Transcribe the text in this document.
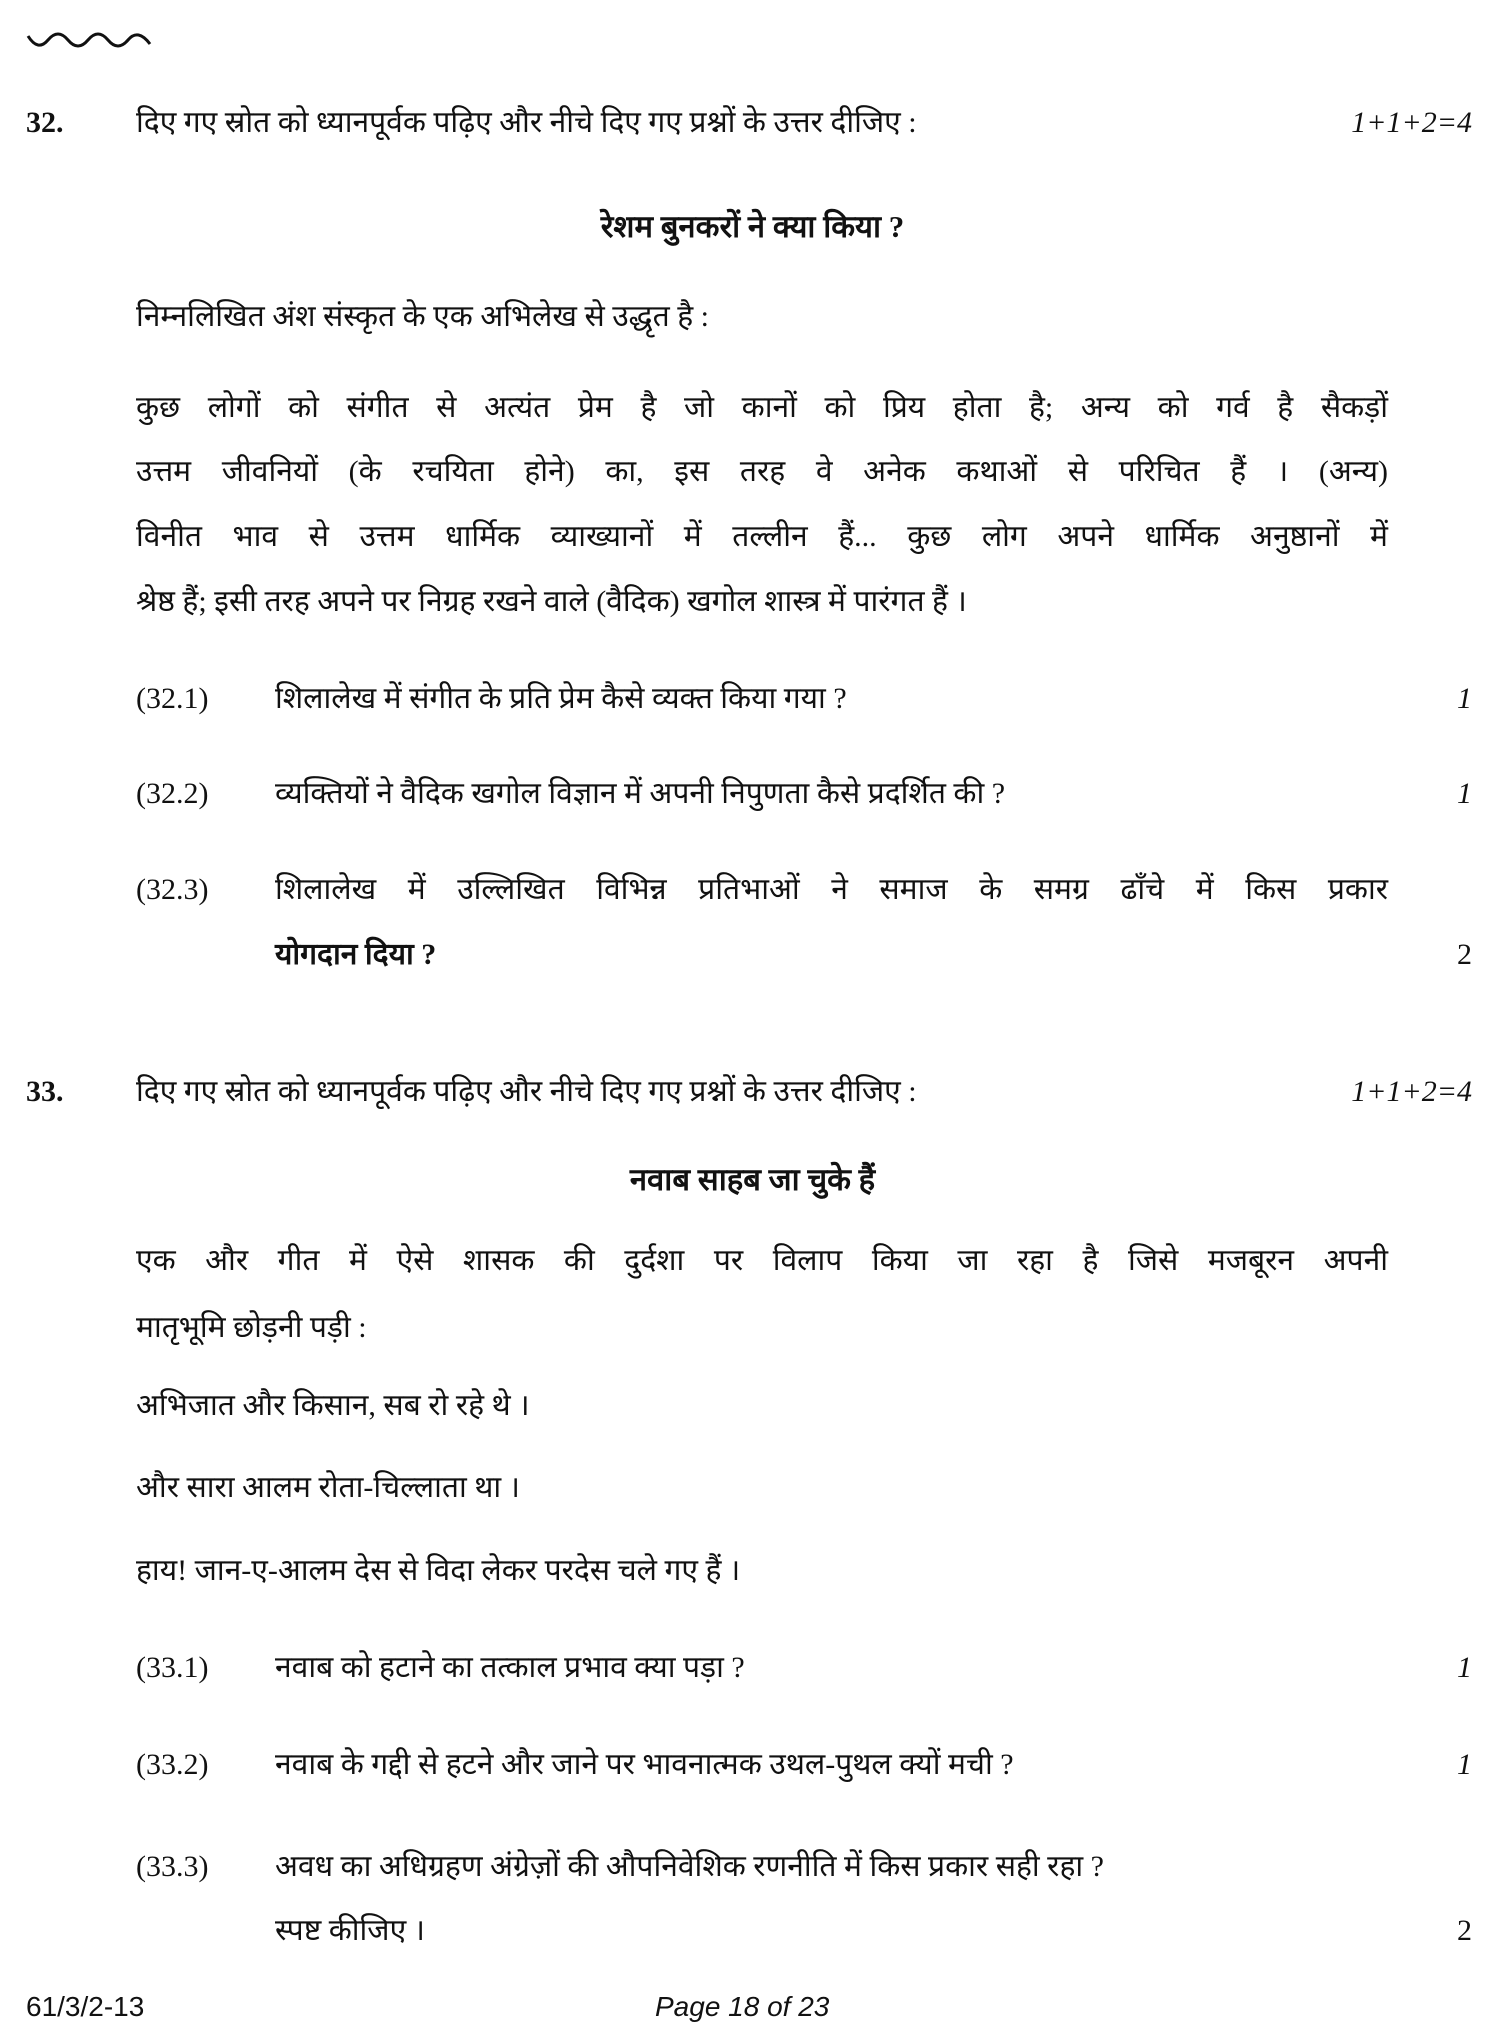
32. दिए गए स्रोत को ध्यानपूर्वक पढ़िए और नीचे दिए गए प्रश्नों के उत्तर दीजिए :	1+1+2=4
रेशम बुनकरों ने क्या किया ?
निम्नलिखित अंश संस्कृत के एक अभिलेख से उद्धृत है :
कुछ लोगों को संगीत से अत्यंत प्रेम है जो कानों को प्रिय होता है; अन्य को गर्व है सैकड़ों
उत्तम जीवनियों (के रचयिता होने) का, इस तरह वे अनेक कथाओं से परिचित हैं । (अन्य)
विनीत भाव से उत्तम धार्मिक व्याख्यानों में तल्लीन हैं... कुछ लोग अपने धार्मिक अनुष्ठानों में
श्रेष्ठ हैं; इसी तरह अपने पर निग्रह रखने वाले (वैदिक) खगोल शास्त्र में पारंगत हैं ।
(32.1) शिलालेख में संगीत के प्रति प्रेम कैसे व्यक्त किया गया ?	1
(32.2) व्यक्तियों ने वैदिक खगोल विज्ञान में अपनी निपुणता कैसे प्रदर्शित की ?	1
(32.3) शिलालेख में उल्लिखित विभिन्न प्रतिभाओं ने समाज के समग्र ढाँचे में किस प्रकार
योगदान दिया ?	2
33. दिए गए स्रोत को ध्यानपूर्वक पढ़िए और नीचे दिए गए प्रश्नों के उत्तर दीजिए :	1+1+2=4
नवाब साहब जा चुके हैं
एक और गीत में ऐसे शासक की दुर्दशा पर विलाप किया जा रहा है जिसे मजबूरन अपनी
मातृभूमि छोड़नी पड़ी :
अभिजात और किसान, सब रो रहे थे ।
और सारा आलम रोता-चिल्लाता था ।
हाय! जान-ए-आलम देस से विदा लेकर परदेस चले गए हैं ।
(33.1) नवाब को हटाने का तत्काल प्रभाव क्या पड़ा ?	1
(33.2) नवाब के गद्दी से हटने और जाने पर भावनात्मक उथल-पुथल क्यों मची ?	1
(33.3) अवध का अधिग्रहण अंग्रेज़ों की औपनिवेशिक रणनीति में किस प्रकार सही रहा ?
स्पष्ट कीजिए ।	2
61/3/2-13	Page 18 of 23
